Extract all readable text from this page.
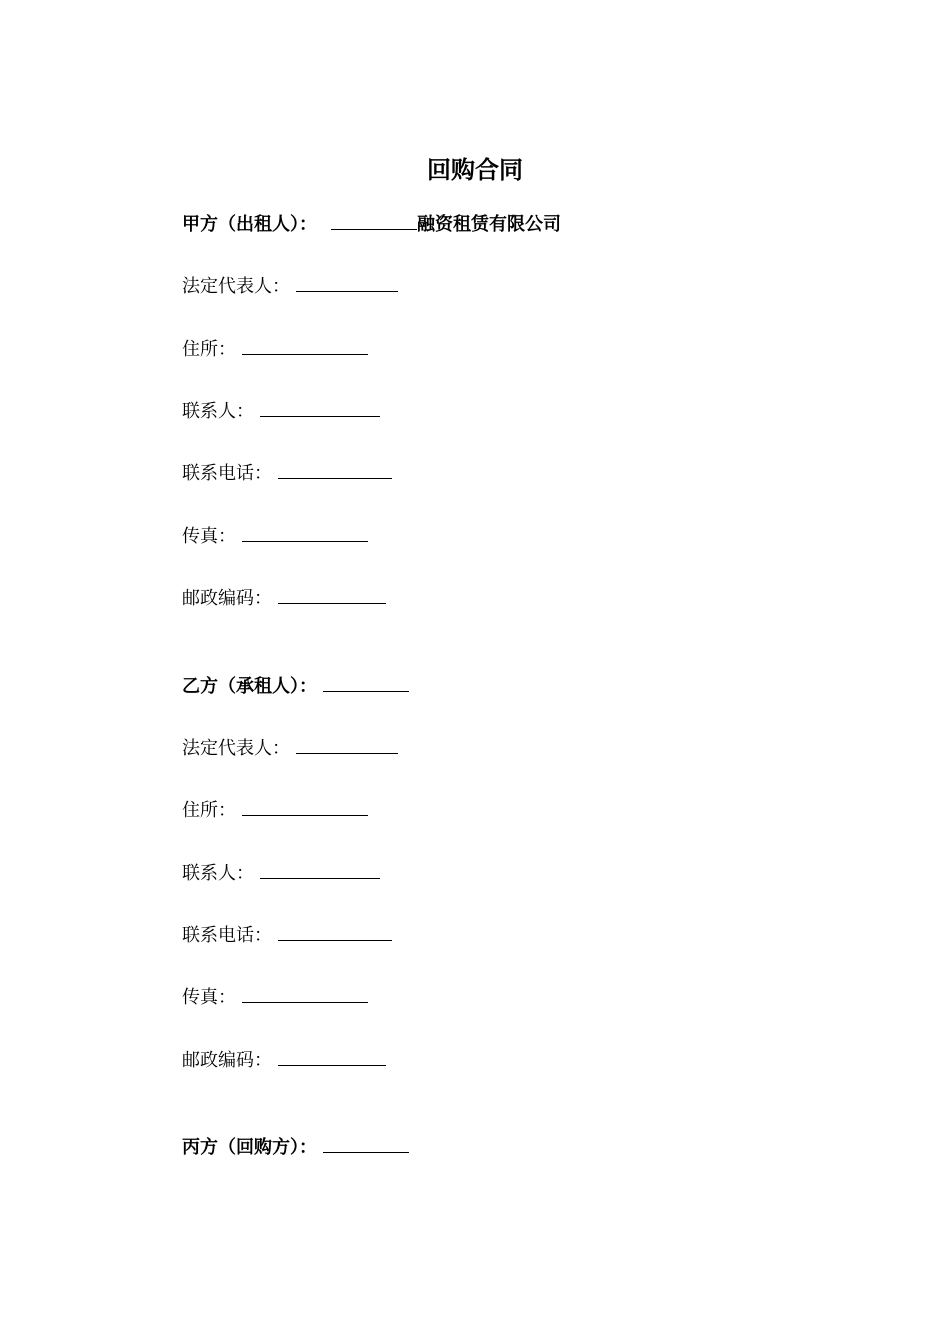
回购合同
甲方（出租人）：	融资租赁有限公司
法定代表人：
住所：
联系人：
联系电话：
传真：
邮政编码：
乙方（承租人）：
法定代表人：
住所：
联系人：
联系电话：
传真：
邮政编码：
丙方（回购方）：
